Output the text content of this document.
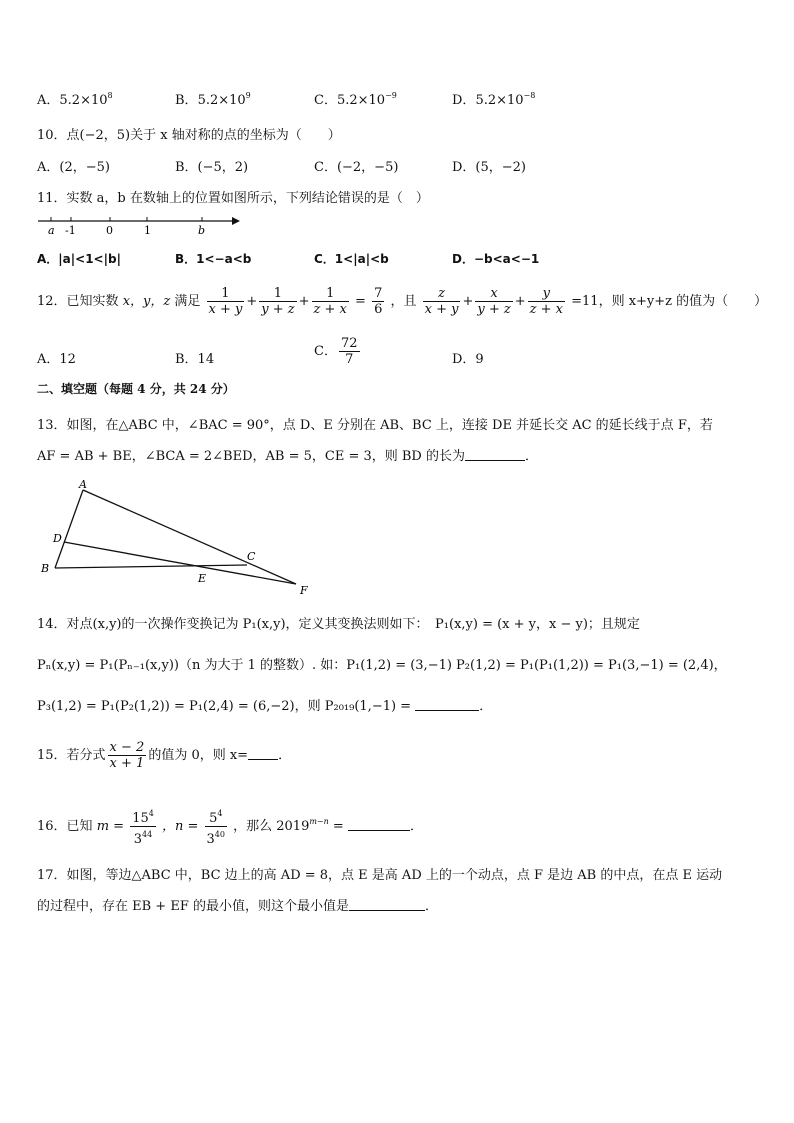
A．$5.2\times 10^8$	B．$5.2\times 10^9$	C．$5.2\times 10^{-9}$	D．$5.2\times 10^{-8}$
10．点(−2，5)关于 x 轴对称的点的坐标为（　　）
A．(2，−5)	B．(−5，2)	C．(−2，−5)	D．(5，−2)
11．实数 a，b 在数轴上的位置如图所示，下列结论错误的是（　）
a -1	0	1	b
A．|a|<1<|b|	B．1<−a<b	C．1<|a|<b	D．−b<a<−1
12．已知实数 x，y，z 满足 $\frac{1}{x + y} + \frac{1}{y + z} + \frac{1}{z + x} = \frac{7}{6}$ ，且 $\frac{z}{x + y} + \frac{x}{y + z} + \frac{y}{z + x} =11$，则 x+y+z 的值为（　　）
A．12	B．14
C． $\frac{72}{7}$	D．9
二、填空题（每题 4 分，共 24 分）
13．如图，在△ABC 中，∠BAC = 90°，点 D、E 分别在 AB、BC 上，连接 DE 并延长交 AC 的延长线于点 F，若
AF = AB + BE，∠BCA = 2∠BED，AB = 5，CE = 3，则 BD 的长为	．
A
D
B
E
C
F
14．对点(x,y)的一次操作变换记为 P₁(x,y)，定义其变换法则如下：　P₁(x,y) = (x + y，x − y)；且规定
Pₙ(x,y) = P₁(Pₙ₋₁(x,y))（n 为大于 1 的整数）. 如：P₁(1,2) = (3,−1) P₂(1,2) = P₁(P₁(1,2)) = P₁(3,−1) = (2,4)，
P₃(1,2) = P₁(P₂(1,2)) = P₁(2,4) = (6,−2)，则 P₂₀₁₉(1,−1) =	．
15．若分式 $\frac{x - 2}{x + 1}$ 的值为 0，则 x= ．
16．已知 $m = \frac{15^4}{3^{44}}$ ，$n = \frac{5^4}{3^{40}}$ ，那么 $2019^{m-n}$ =	．
17．如图，等边△ABC 中，BC 边上的高 AD = 8，点 E 是高 AD 上的一个动点，点 F 是边 AB 的中点，在点 E 运动
的过程中，存在 EB + EF 的最小值，则这个最小值是	．
